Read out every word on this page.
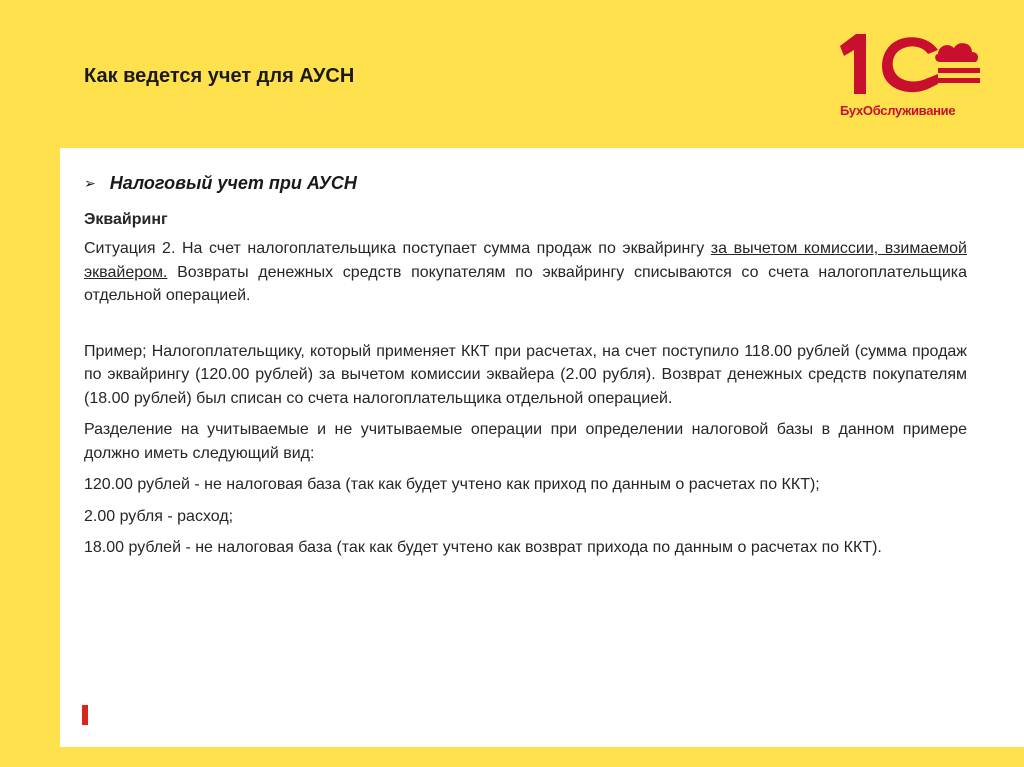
Как ведется учет для АУСН
БухОбслуживание
➢ Налоговый учет при АУСН
Эквайринг

Ситуация 2. На счет налогоплательщика поступает сумма продаж по эквайрингу за вычетом комиссии, взимаемой эквайером. Возвраты денежных средств покупателям по эквайрингу списываются со счета налогоплательщика отдельной операцией.

Пример; Налогоплательщику, который применяет ККТ при расчетах, на счет поступило 118.00 рублей (сумма продаж по эквайрингу (120.00 рублей) за вычетом комиссии эквайера (2.00 рубля). Возврат денежных средств покупателям (18.00 рублей) был списан со счета налогоплательщика отдельной операцией.

Разделение на учитываемые и не учитываемые операции при определении налоговой базы в данном примере должно иметь следующий вид:

120.00 рублей - не налоговая база (так как будет учтено как приход по данным о расчетах по ККТ);

2.00 рубля - расход;

18.00 рублей - не налоговая база (так как будет учтено как возврат прихода по данным о расчетах по ККТ).
